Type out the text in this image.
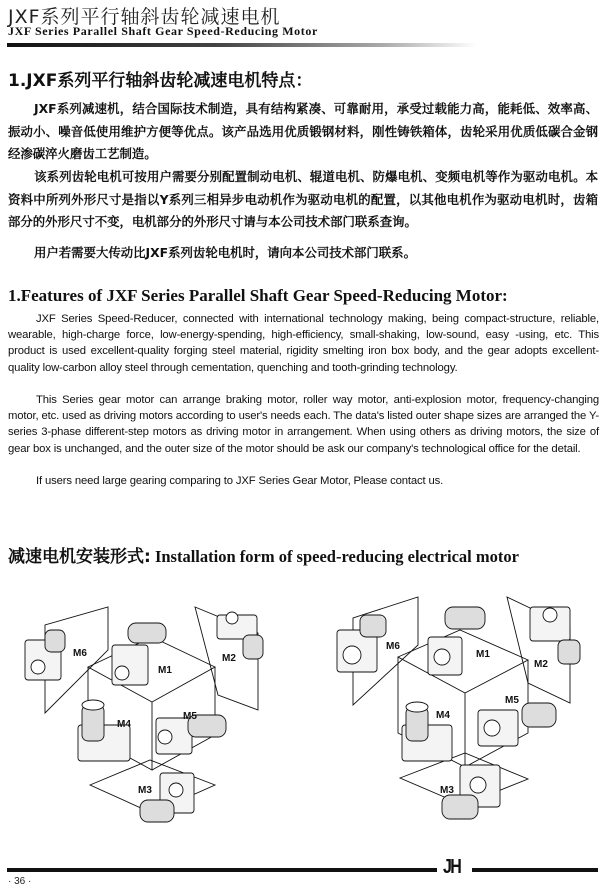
JXF系列平行轴斜齿轮减速电机
JXF Series Parallel Shaft Gear Speed-Reducing Motor
1.JXF系列平行轴斜齿轮减速电机特点：
JXF系列减速机，结合国际技术制造，具有结构紧凑、可靠耐用，承受过载能力高，能耗低、效率高、振动小、噪音低使用维护方便等优点。该产品选用优质锻钢材料，刚性铸铁箱体，齿轮采用优质低碳合金钢经渗碳淬火磨齿工艺制造。
该系列齿轮电机可按用户需要分别配置制动电机、辊道电机、防爆电机、变频电机等作为驱动电机。本资料中所列外形尺寸是指以Y系列三相异步电动机作为驱动电机的配置，以其他电机作为驱动电机时，齿箱部分的外形尺寸不变，电机部分的外形尺寸请与本公司技术部门联系查询。
用户若需要大传动比JXF系列齿轮电机时，请向本公司技术部门联系。
1.Features of JXF Series Parallel Shaft Gear Speed-Reducing Motor:
JXF Series Speed-Reducer, connected with international technology making, being compact-structure, reliable, wearable, high-charge force, low-energy-spending, high-efficiency, small-shaking, low-sound, easy -using, etc. This product is used excellent-quality forging steel material, rigidity smelting iron box body, and the gear adopts excellent-quality low-carbon alloy steel through cementation, quenching and tooth-grinding technology.
This Series gear motor can arrange braking motor, roller way motor, anti-explosion motor, frequency-changing motor, etc. used as driving motors according to user's needs each. The data's listed outer shape sizes are arranged the Y-series 3-phase different-step motors as driving motor in arrangement. When using others as driving motors, the size of gear box is unchanged, and the outer size of the motor should be ask our company's technological office for the detail.
If users need large gearing comparing to JXF Series Gear Motor, Please contact us.
减速电机安装形式: Installation form of speed-reducing electrical motor
M6
M1
M2
M4
M5
M3
M6
M1
M2
M4
M5
M3
JH
· 36 ·
